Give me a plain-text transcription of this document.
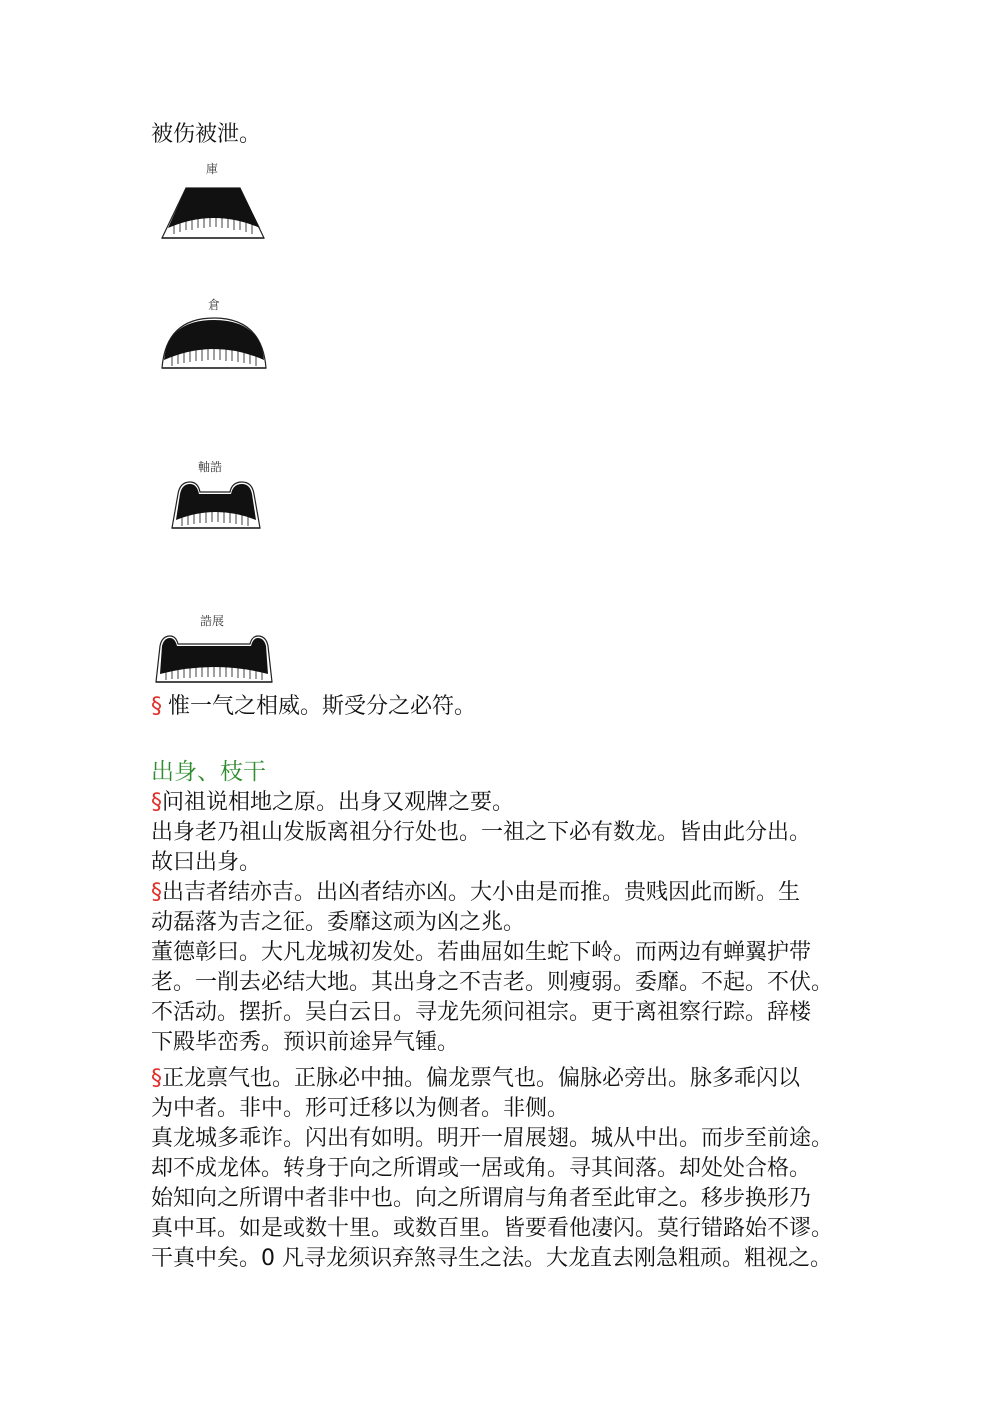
被伤被泄。
庫
倉
軸誥
誥展
§ 惟一气之相威。斯受分之必符。
出身、枝干
§问祖说相地之原。出身又观牌之要。
出身老乃祖山发版离祖分行处也。一祖之下必有数龙。皆由此分出。
故曰出身。
§出吉者结亦吉。出凶者结亦凶。大小由是而推。贵贱因此而断。生
动磊落为吉之征。委靡这顽为凶之兆。
董德彰曰。大凡龙城初发处。若曲屈如生蛇下岭。而两边有蝉翼护带
老。一削去必结大地。其出身之不吉老。则瘦弱。委靡。不起。不伏。
不活动。摆折。吴白云日。寻龙先须问祖宗。更于离祖察行踪。辞楼
下殿毕峦秀。预识前途异气锺。
§正龙禀气也。正脉必中抽。偏龙票气也。偏脉必旁出。脉多乖闪以
为中者。非中。形可迁移以为侧者。非侧。
真龙城多乖诈。闪出有如明。明开一眉展翅。城从中出。而步至前途。
却不成龙体。转身于向之所谓或一居或角。寻其间落。却处处合格。
始知向之所谓中者非中也。向之所谓肩与角者至此审之。移步换形乃
真中耳。如是或数十里。或数百里。皆要看他凄闪。莫行错路始不谬。
干真中矣。0 凡寻龙须识弃煞寻生之法。大龙直去刚急粗顽。粗视之。
